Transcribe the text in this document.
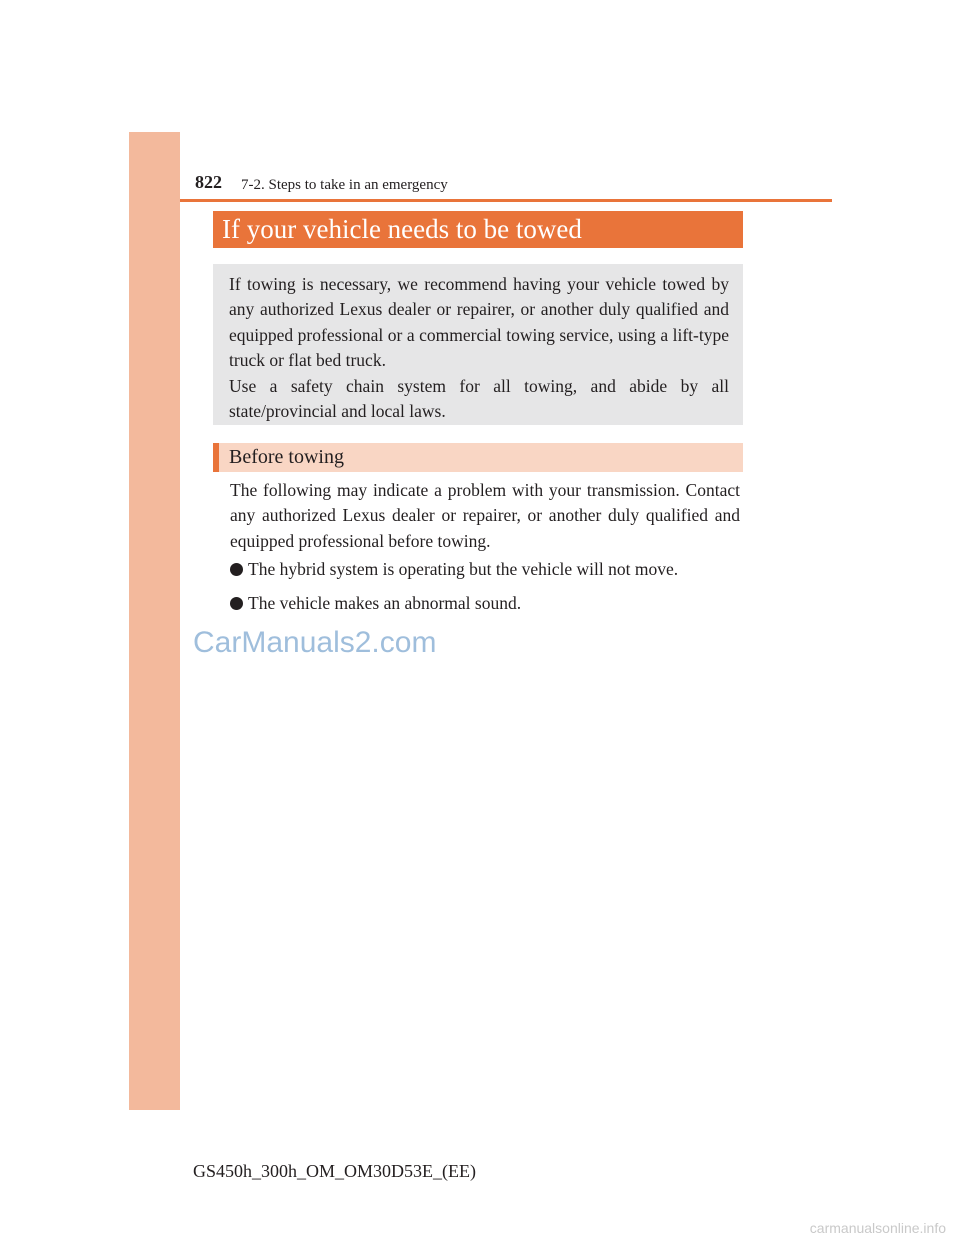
822 7-2. Steps to take in an emergency
If your vehicle needs to be towed

If towing is necessary, we recommend having your vehicle towed by any authorized Lexus dealer or repairer, or another duly qualified and equipped professional or a commercial towing service, using a lift-type truck or flat bed truck.

Use a safety chain system for all towing, and abide by all state/provincial and local laws.

Before towing

The following may indicate a problem with your transmission. Contact any authorized Lexus dealer or repairer, or another duly qualified and equipped professional before towing.

The hybrid system is operating but the vehicle will not move.
The vehicle makes an abnormal sound.
CarManuals2.com
GS450h_300h_OM_OM30D53E_(EE)
carmanualsonline.info
